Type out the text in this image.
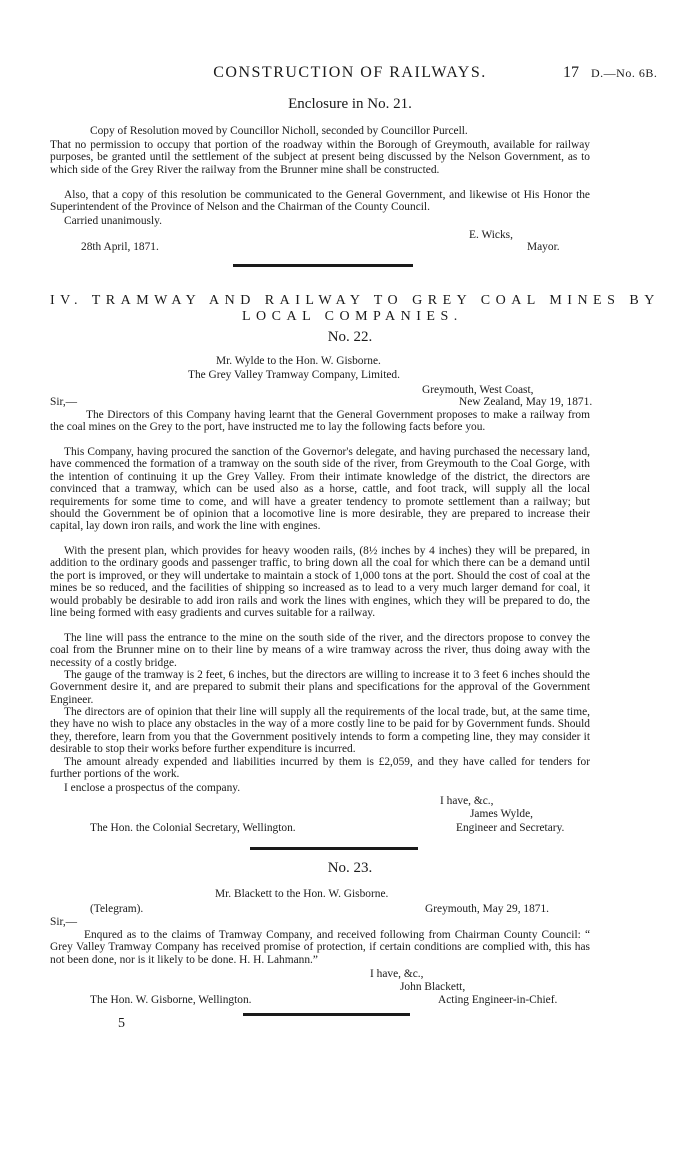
CONSTRUCTION OF RAILWAYS.	17 D.—No. 6B.
Enclosure in No. 21.
Copy of Resolution moved by Councillor Nicholl, seconded by Councillor Purcell.
That no permission to occupy that portion of the roadway within the Borough of Greymouth, available for railway purposes, be granted until the settlement of the subject at present being discussed by the Nelson Government, as to which side of the Grey River the railway from the Brunner mine shall be constructed.
Also, that a copy of this resolution be communicated to the General Government, and likewise ot His Honor the Superintendent of the Province of Nelson and the Chairman of the County Council.
Carried unanimously.
E. Wicks,
28th April, 1871.	Mayor.
IV. TRAMWAY AND RAILWAY TO GREY COAL MINES BY
LOCAL COMPANIES.
No. 22.
Mr. Wylde to the Hon. W. Gisborne.
The Grey Valley Tramway Company, Limited.
Greymouth, West Coast,
Sir,—	New Zealand, May 19, 1871.
The Directors of this Company having learnt that the General Government proposes to make a railway from the coal mines on the Grey to the port, have instructed me to lay the following facts before you.
This Company, having procured the sanction of the Governor's delegate, and having purchased the necessary land, have commenced the formation of a tramway on the south side of the river, from Greymouth to the Coal Gorge, with the intention of continuing it up the Grey Valley. From their intimate knowledge of the district, the directors are convinced that a tramway, which can be used also as a horse, cattle, and foot track, will supply all the local requirements for some time to come, and will have a greater tendency to promote settlement than a railway; but should the Government be of opinion that a locomotive line is more desirable, they are prepared to increase their capital, lay down iron rails, and work the line with engines.
With the present plan, which provides for heavy wooden rails, (8½ inches by 4 inches) they will be prepared, in addition to the ordinary goods and passenger traffic, to bring down all the coal for which there can be a demand until the port is improved, or they will undertake to maintain a stock of 1,000 tons at the port. Should the cost of coal at the mines be so reduced, and the facilities of shipping so increased as to lead to a very much larger demand for coal, it would probably be desirable to add iron rails and work the lines with engines, which they will be prepared to do, the line being formed with easy gradients and curves suitable for a railway.
The line will pass the entrance to the mine on the south side of the river, and the directors propose to convey the coal from the Brunner mine on to their line by means of a wire tramway across the river, thus doing away with the necessity of a costly bridge.
The gauge of the tramway is 2 feet, 6 inches, but the directors are willing to increase it to 3 feet 6 inches should the Government desire it, and are prepared to submit their plans and specifications for the approval of the Government Engineer.
The directors are of opinion that their line will supply all the requirements of the local trade, but, at the same time, they have no wish to place any obstacles in the way of a more costly line to be paid for by Government funds. Should they, therefore, learn from you that the Government positively intends to form a competing line, they may consider it desirable to stop their works before further expenditure is incurred.
The amount already expended and liabilities incurred by them is £2,059, and they have called for tenders for further portions of the work.
I enclose a prospectus of the company.
I have, &c.,
James Wylde,
The Hon. the Colonial Secretary, Wellington.	Engineer and Secretary.
No. 23.
Mr. Blackett to the Hon. W. Gisborne.
(Telegram).	Greymouth, May 29, 1871.
Sir,—
Enqured as to the claims of Tramway Company, and received following from Chairman County Council: “ Grey Valley Tramway Company has received promise of protection, if certain conditions are complied with, this has not been done, nor is it likely to be done. H. H. Lahmann.”
I have, &c.,
John Blackett,
The Hon. W. Gisborne, Wellington.	Acting Engineer-in-Chief.
5
